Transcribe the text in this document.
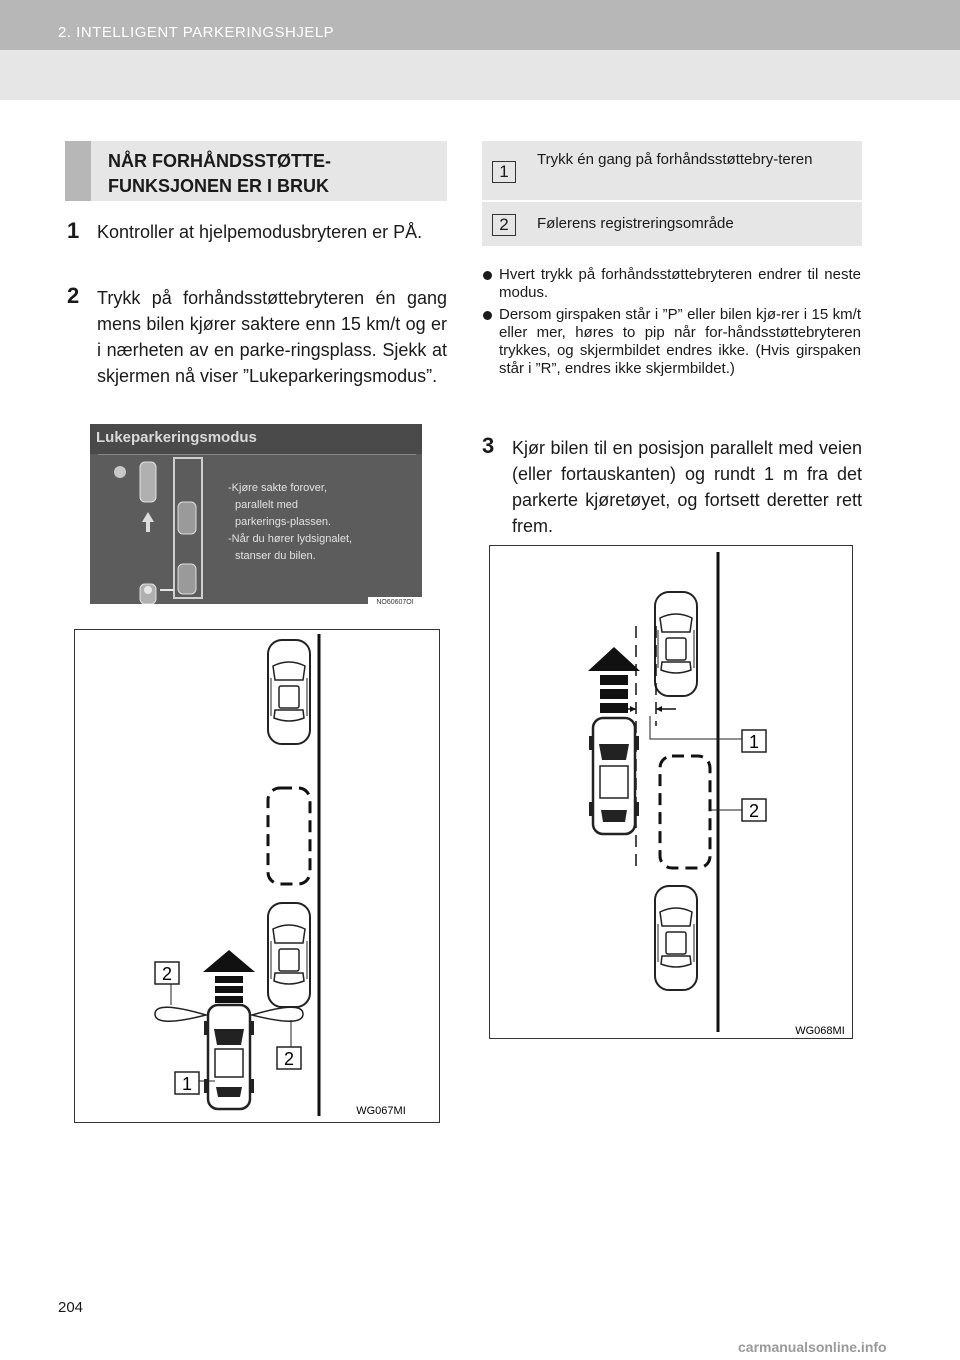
2. INTELLIGENT PARKERINGSHJELP
NÅR FORHÅNDSSTØTTE-
FUNKSJONEN ER I BRUK
1 Kontroller at hjelpemodusbryteren er PÅ.
2 Trykk på forhåndsstøttebryteren én gang mens bilen kjører saktere enn 15 km/t og er i nærheten av en parke-ringsplass. Sjekk at skjermen nå viser ”Lukeparkeringsmodus”.
Lukeparkeringsmodus
-Kjøre sakte forover,
parallelt med
parkerings-plassen.
-Når du hører lydsignalet,
stanser du bilen.
NO60607OI
2
2
1
WG067MI
1
Trykk én gang på forhåndsstøttebry-teren
2	Følerens registreringsområde
Hvert trykk på forhåndsstøttebryteren endrer til neste modus.
Dersom girspaken står i ”P” eller bilen kjø-rer i 15 km/t eller mer, høres to pip når for-håndsstøttebryteren trykkes, og skjermbildet endres ikke. (Hvis girspaken står i ”R”, endres ikke skjermbildet.)
3 Kjør bilen til en posisjon parallelt med veien (eller fortauskanten) og rundt 1 m fra det parkerte kjøretøyet, og fortsett deretter rett frem.
1
2
WG068MI
204
carmanualsonline.info
